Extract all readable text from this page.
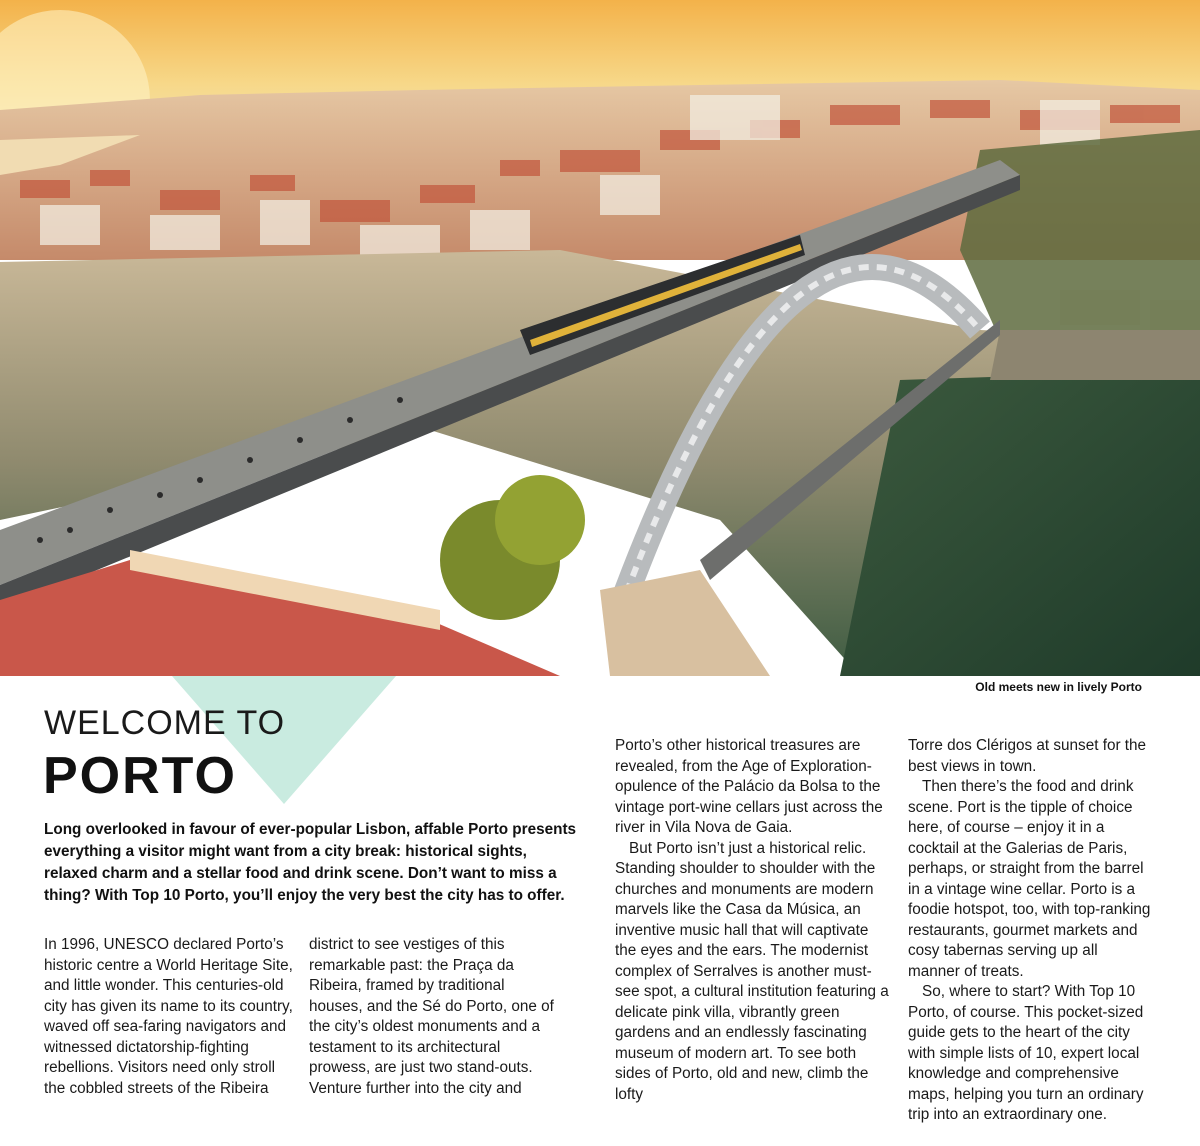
Old meets new in lively Porto
WELCOME TO
PORTO
Long overlooked in favour of ever-popular Lisbon, affable Porto presents everything a visitor might want from a city break: historical sights, relaxed charm and a stellar food and drink scene. Don’t want to miss a thing? With Top 10 Porto, you’ll enjoy the very best the city has to offer.

In 1996, UNESCO declared Porto’s historic centre a World Heritage Site, and little wonder. This centuries-old city has given its name to its country, waved off sea-faring navigators and witnessed dictatorship-fighting rebellions. Visitors need only stroll the cobbled streets of the Ribeira

district to see vestiges of this remarkable past: the Praça da Ribeira, framed by traditional houses, and the Sé do Porto, one of the city’s oldest monuments and a testament to its architectural prowess, are just two stand-outs. Venture further into the city and

Porto’s other historical treasures are revealed, from the Age of Exploration-opulence of the Palácio da Bolsa to the vintage port-wine cellars just across the river in Vila Nova de Gaia.

But Porto isn’t just a historical relic. Standing shoulder to shoulder with the churches and monuments are modern marvels like the Casa da Música, an inventive music hall that will captivate the eyes and the ears. The modernist complex of Serralves is another must-see spot, a cultural institution featuring a delicate pink villa, vibrantly green gardens and an endlessly fascinating museum of modern art. To see both sides of Porto, old and new, climb the lofty

Torre dos Clérigos at sunset for the best views in town.

Then there’s the food and drink scene. Port is the tipple of choice here, of course – enjoy it in a cocktail at the Galerias de Paris, perhaps, or straight from the barrel in a vintage wine cellar. Porto is a foodie hotspot, too, with top-ranking restaurants, gourmet markets and cosy tabernas serving up all manner of treats.

So, where to start? With Top 10 Porto, of course. This pocket-sized guide gets to the heart of the city with simple lists of 10, expert local knowledge and comprehensive maps, helping you turn an ordinary trip into an extraordinary one.
